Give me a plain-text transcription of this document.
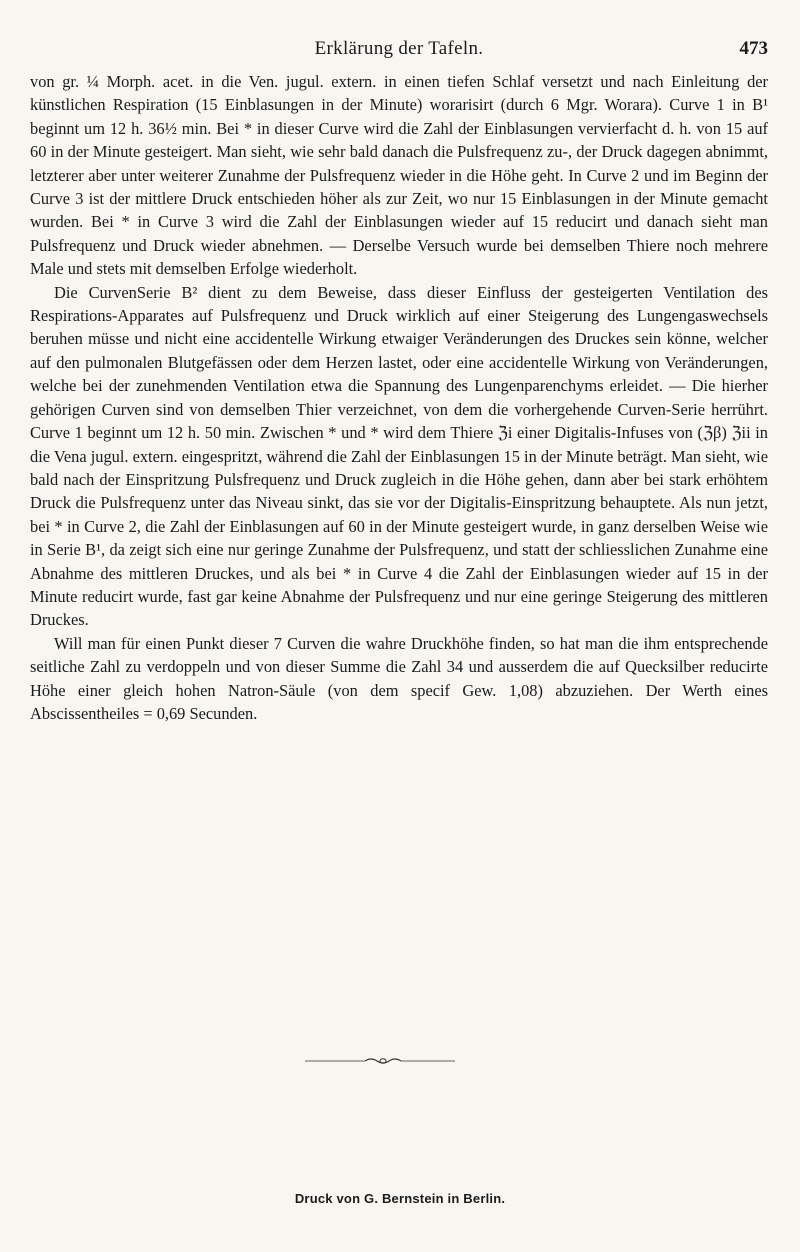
Erklärung der Tafeln.	473

von gr. ¼ Morph. acet. in die Ven. jugul. extern. in einen tiefen Schlaf versetzt und nach Einleitung der künstlichen Respiration (15 Einblasungen in der Minute) worarisirt (durch 6 Mgr. Worara). Curve 1 in B¹ beginnt um 12 h. 36½ min. Bei * in dieser Curve wird die Zahl der Einblasungen vervierfacht d. h. von 15 auf 60 in der Minute gesteigert. Man sieht, wie sehr bald danach die Pulsfrequenz zu-, der Druck dagegen abnimmt, letzterer aber unter weiterer Zunahme der Pulsfrequenz wieder in die Höhe geht. In Curve 2 und im Beginn der Curve 3 ist der mittlere Druck entschieden höher als zur Zeit, wo nur 15 Einblasungen in der Minute gemacht wurden. Bei * in Curve 3 wird die Zahl der Einblasungen wieder auf 15 reducirt und danach sieht man Pulsfrequenz und Druck wieder abnehmen. — Derselbe Versuch wurde bei demselben Thiere noch mehrere Male und stets mit demselben Erfolge wiederholt.

Die CurvenSerie B² dient zu dem Beweise, dass dieser Einfluss der gesteigerten Ventilation des Respirations-Apparates auf Pulsfrequenz und Druck wirklich auf einer Steigerung des Lungengaswechsels beruhen müsse und nicht eine accidentelle Wirkung etwaiger Veränderungen des Druckes sein könne, welcher auf den pulmonalen Blutgefässen oder dem Herzen lastet, oder eine accidentelle Wirkung von Veränderungen, welche bei der zunehmenden Ventilation etwa die Spannung des Lungenparenchyms erleidet. — Die hierher gehörigen Curven sind von demselben Thier verzeichnet, von dem die vorhergehende Curven-Serie herrührt. Curve 1 beginnt um 12 h. 50 min. Zwischen * und * wird dem Thiere ℨi einer Digitalis-Infuses von (ℨβ) ℨii in die Vena jugul. extern. eingespritzt, während die Zahl der Einblasungen 15 in der Minute beträgt. Man sieht, wie bald nach der Einspritzung Pulsfrequenz und Druck zugleich in die Höhe gehen, dann aber bei stark erhöhtem Druck die Pulsfrequenz unter das Niveau sinkt, das sie vor der Digitalis-Einspritzung behauptete. Als nun jetzt, bei * in Curve 2, die Zahl der Einblasungen auf 60 in der Minute gesteigert wurde, in ganz derselben Weise wie in Serie B¹, da zeigt sich eine nur geringe Zunahme der Pulsfrequenz, und statt der schliesslichen Zunahme eine Abnahme des mittleren Druckes, und als bei * in Curve 4 die Zahl der Einblasungen wieder auf 15 in der Minute reducirt wurde, fast gar keine Abnahme der Pulsfrequenz und nur eine geringe Steigerung des mittleren Druckes.

Will man für einen Punkt dieser 7 Curven die wahre Druckhöhe finden, so hat man die ihm entsprechende seitliche Zahl zu verdoppeln und von dieser Summe die Zahl 34 und ausserdem die auf Quecksilber reducirte Höhe einer gleich hohen Natron-Säule (von dem specif Gew. 1,08) abzuziehen. Der Werth eines Abscissentheiles = 0,69 Secunden.

Druck von G. Bernstein in Berlin.
